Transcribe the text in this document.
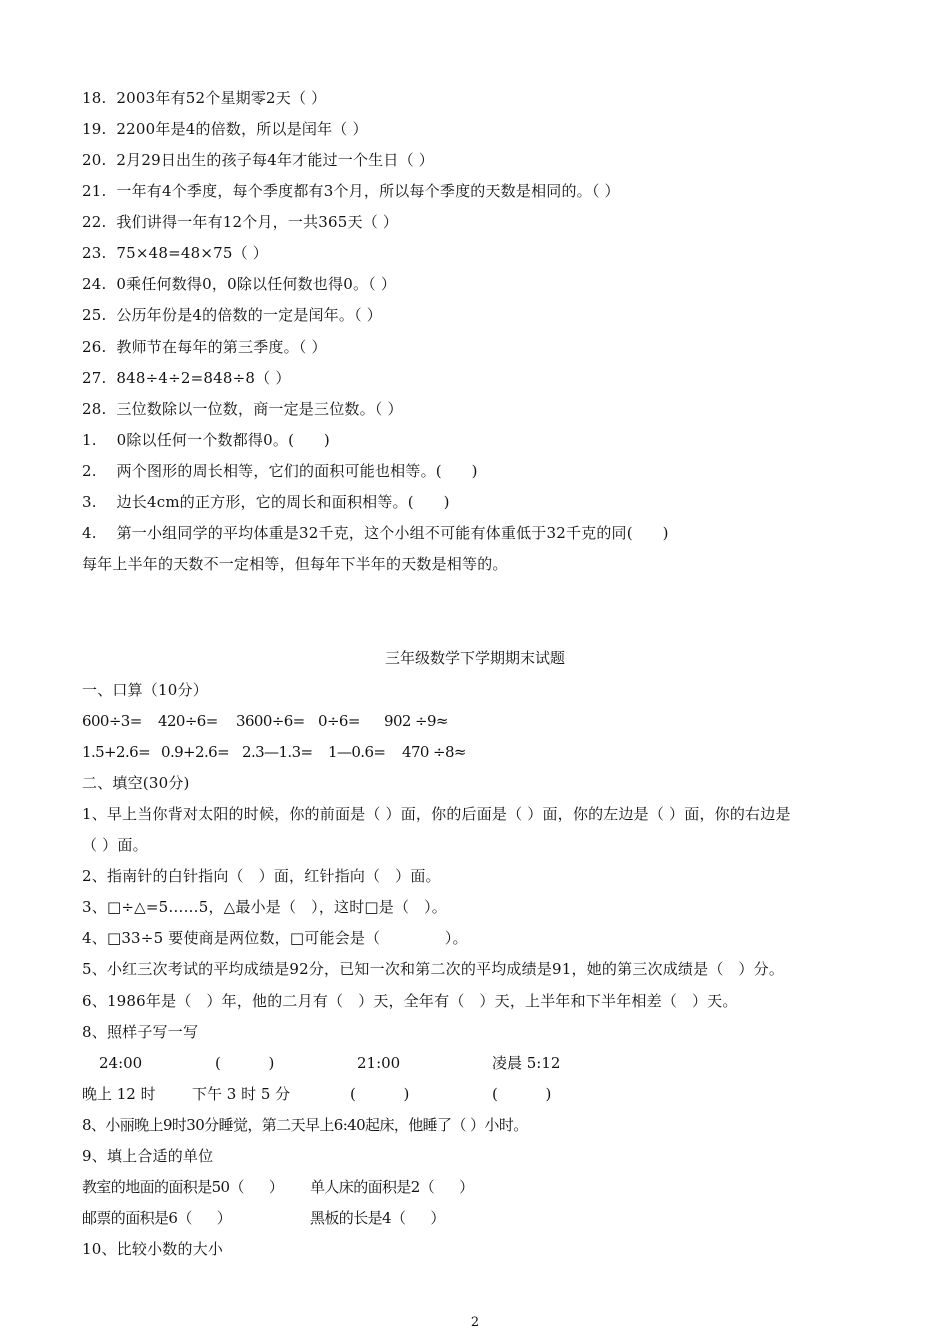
18.  2003年有52个星期零2天（ ）
19.  2200年是4的倍数，所以是闰年（ ）
20.  2月29日出生的孩子每4年才能过一个生日（ ）
21.  一年有4个季度，每个季度都有3个月，所以每个季度的天数是相同的。（ ）
22.  我们讲得一年有12个月，一共365天（ ）
23.  75×48=48×75（ ）
24.  0乘任何数得0，0除以任何数也得0。（ ）
25.  公历年份是4的倍数的一定是闰年。（ ）
26.  教师节在每年的第三季度。（ ）
27.  848÷4÷2=848÷8（ ）
28.  三位数除以一位数，商一定是三位数。（ ）
1.    0除以任何一个数都得0。(      )
2.    两个图形的周长相等，它们的面积可能也相等。(      )
3.    边长4cm的正方形，它的周长和面积相等。(      )
4.    第一小组同学的平均体重是32千克，这个小组不可能有体重低于32千克的同(      )
每年上半年的天数不一定相等，但每年下半年的天数是相等的。
三年级数学下学期期末试题
一、口算（10分）
600÷3= 420÷6= 3600÷6= 0÷6= 902 ÷9≈
1.5+2.6= 0.9+2.6= 2.3—1.3= 1—0.6= 470 ÷8≈
二、填空(30分)
1、早上当你背对太阳的时候，你的前面是（ ）面，你的后面是（ ）面，你的左边是（ ）面，你的右边是
（ ）面。
2、指南针的白针指向（   ）面，红针指向（   ）面。
3、□÷△=5……5，△最小是（   ），这时□是（   ）。
4、□33÷5 要使商是两位数，□可能会是（             ）。
5、小红三次考试的平均成绩是92分，已知一次和第二次的平均成绩是91，她的第三次成绩是（   ）分。
6、1986年是（   ）年，他的二月有（   ）天，全年有（   ）天，上半年和下半年相差（   ）天。
8、照样子写一写
24:00	(          )	21:00	凌晨 5:12
晚上 12 时 下午 3 时 5 分	(          )	(          )
8、小丽晚上9时30分睡觉，第二天早上6:40起床，他睡了（ ）小时。
9、填上合适的单位
教室的地面的面积是50（      ） 单人床的面积是2（      ）
邮票的面积是6（      ）	黑板的长是4（      ）
10、比较小数的大小
2
